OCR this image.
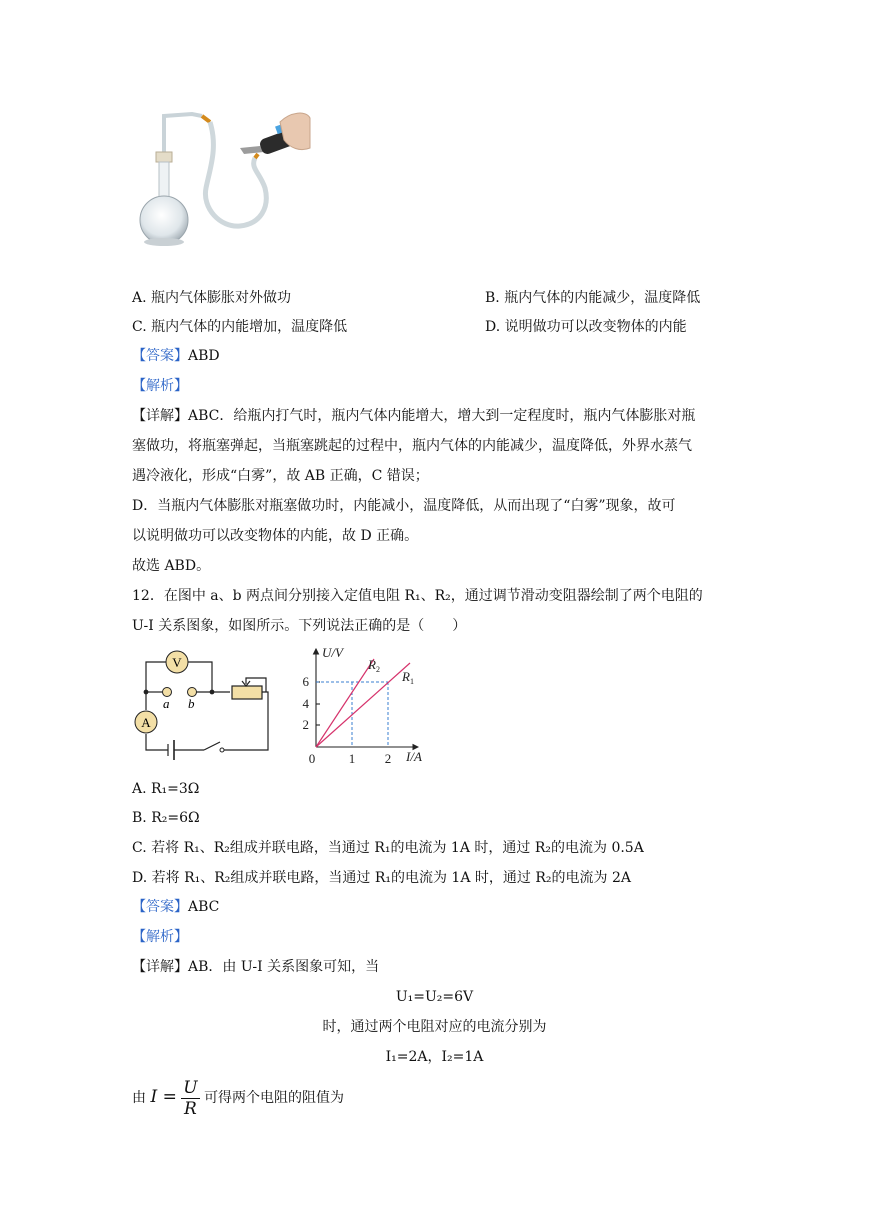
A. 瓶内气体膨胀对外做功	B. 瓶内气体的内能减少，温度降低
C. 瓶内气体的内能增加，温度降低	D. 说明做功可以改变物体的内能
【答案】ABD
【解析】
【详解】ABC．给瓶内打气时，瓶内气体内能增大，增大到一定程度时，瓶内气体膨胀对瓶
塞做功，将瓶塞弹起，当瓶塞跳起的过程中，瓶内气体的内能减少，温度降低，外界水蒸气
遇冷液化，形成“白雾”，故 AB 正确，C 错误；
D．当瓶内气体膨胀对瓶塞做功时，内能减小，温度降低，从而出现了“白雾”现象，故可
以说明做功可以改变物体的内能，故 D 正确。
故选 ABD。
12．在图中 a、b 两点间分别接入定值电阻 R₁、R₂，通过调节滑动变阻器绘制了两个电阻的
U-I 关系图象，如图所示。下列说法正确的是（　　）
V
A
a b
U/V
6
4
2
0	1 2 I/A
$R_2$ $R_1$
A. R₁=3Ω
B. R₂=6Ω
C. 若将 R₁、R₂组成并联电路，当通过 R₁的电流为 1A 时，通过 R₂的电流为 0.5A
D. 若将 R₁、R₂组成并联电路，当通过 R₁的电流为 1A 时，通过 R₂的电流为 2A
【答案】ABC
【解析】
【详解】AB．由 U-I 关系图象可知，当
U₁=U₂=6V
时，通过两个电阻对应的电流分别为
I₁=2A，I₂=1A
由 $I = \frac{U}{R}$ 可得两个电阻的阻值为
